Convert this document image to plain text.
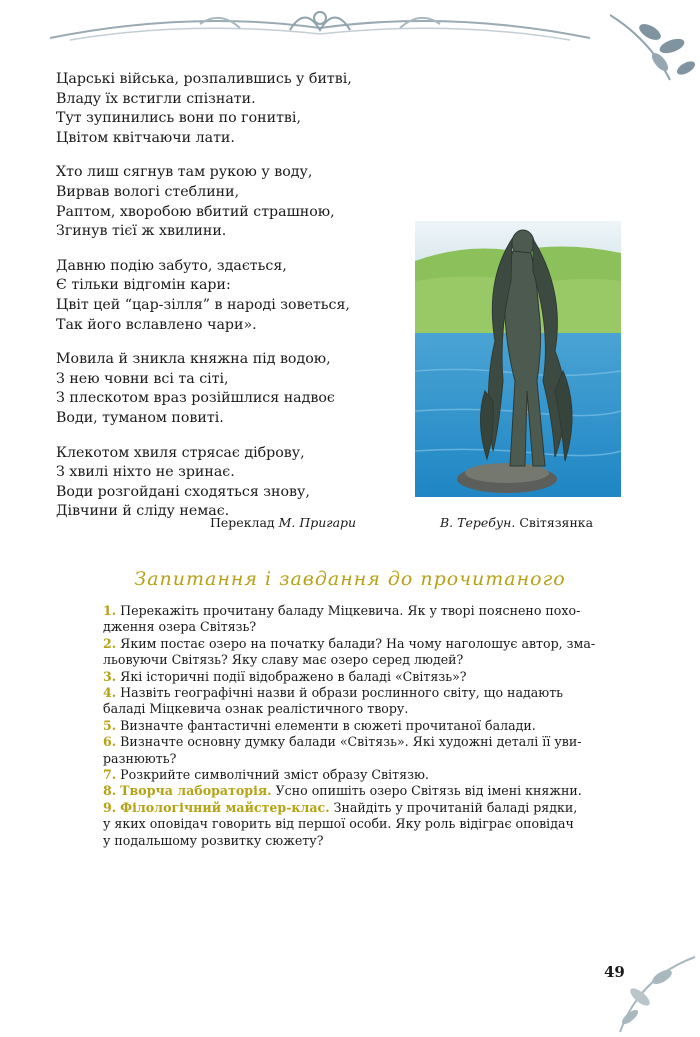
Царські війська, розпалившись у битві,
Владу їх встигли спізнати.
Тут зупинились вони по гонитві,
Цвітом квітчаючи лати.
Хто лиш сягнув там рукою у воду,
Вирвав вологі стеблини,
Раптом, хворобою вбитий страшною,
Згинув тієї ж хвилини.
Давню подію забуто, здається,
Є тільки відгомін кари:
Цвіт цей “цар-зілля” в народі зоветься,
Так його вславлено чари».
Мовила й зникла княжна під водою,
З нею човни всі та сіті,
З плескотом враз розійшлися надвоє
Води, туманом повиті.
Клекотом хвиля стрясає діброву,
З хвилі ніхто не зринає.
Води розгойдані сходяться знову,
Дівчини й сліду немає.
Переклад М. Пригари	В. Теребун. Світязянка
Запитання і завдання до прочитаного

1. Перекажіть прочитану баладу Міцкевича. Як у творі пояснено похо-
дження озера Світязь?

2. Яким постає озеро на початку балади? На чому наголошує автор, зма-
льовуючи Світязь? Яку славу має озеро серед людей?

3. Які історичні події відображено в баладі «Світязь»?

4. Назвіть географічні назви й образи рослинного світу, що надають
баладі Міцкевича ознак реалістичного твору.

5. Визначте фантастичні елементи в сюжеті прочитаної балади.

6. Визначте основну думку балади «Світязь». Які художні деталі її уви-
разнюють?

7. Розкрийте символічний зміст образу Світязю.

8. Творча лабораторія. Усно опишіть озеро Світязь від імені княжни.

9. Філологічний майстер-клас. Знайдіть у прочитаній баладі рядки,
у яких оповідач говорить від першої особи. Яку роль відіграє оповідач
у подальшому розвитку сюжету?

49
